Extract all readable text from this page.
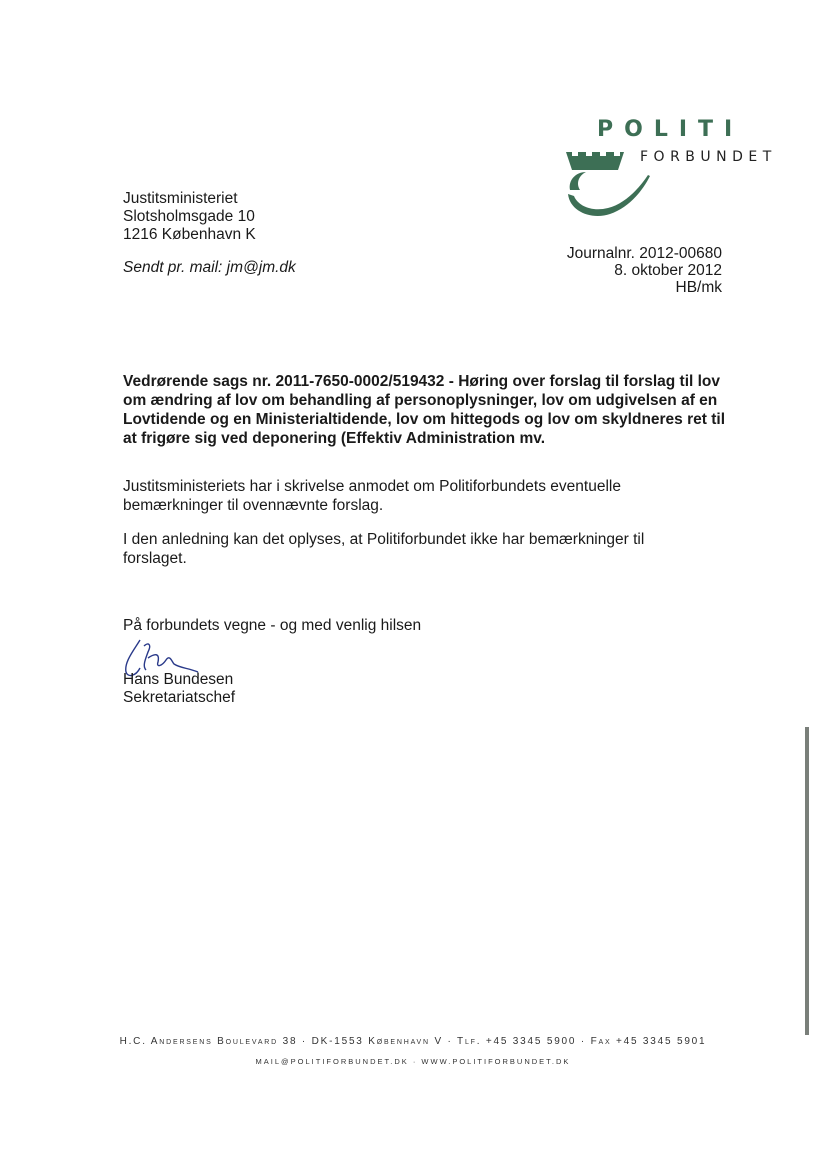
POLITI
FORBUNDET
Justitsministeriet
Slotsholmsgade 10
1216 København K
Sendt pr. mail: jm@jm.dk
Journalnr. 2012-00680
8. oktober 2012
HB/mk
Vedrørende sags nr. 2011-7650-0002/519432 - Høring over forslag til forslag til lov om ændring af lov om behandling af personoplysninger, lov om udgivelsen af en Lovtidende og en Ministerialtidende, lov om hittegods og lov om skyldneres ret til at frigøre sig ved deponering (Effektiv Administration mv.
Justitsministeriets har i skrivelse anmodet om Politiforbundets eventuelle bemærkninger til ovennævnte forslag.
I den anledning kan det oplyses, at Politiforbundet ikke har bemærkninger til forslaget.
På forbundets vegne - og med venlig hilsen
Hans Bundesen
Sekretariatschef
H.C. Andersens Boulevard 38 · DK-1553 København V · Tlf. +45 3345 5900 · Fax +45 3345 5901
MAIL@POLITIFORBUNDET.DK · WWW.POLITIFORBUNDET.DK
